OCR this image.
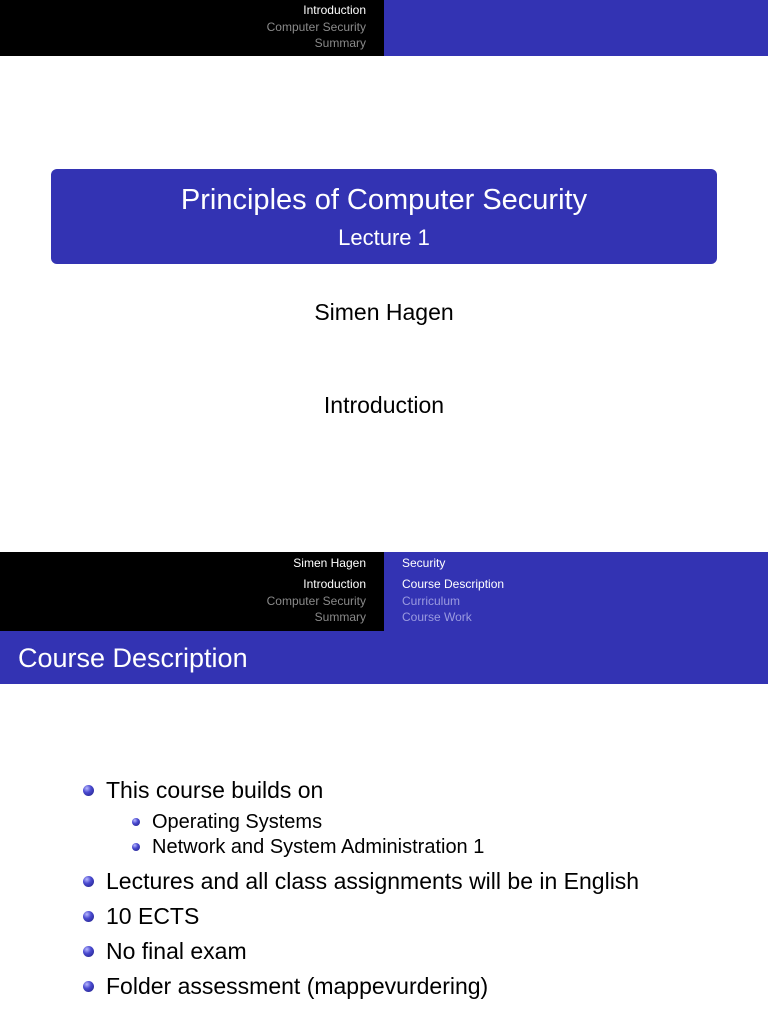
Introduction
Computer Security
Summary
Principles of Computer Security
Lecture 1
Simen Hagen
Introduction
Simen Hagen
Introduction
Computer Security
Summary
Security
Course Description
Curriculum
Course Work
Course Description
This course builds on
Operating Systems
Network and System Administration 1
Lectures and all class assignments will be in English
10 ECTS
No final exam
Folder assessment (mappevurdering)
